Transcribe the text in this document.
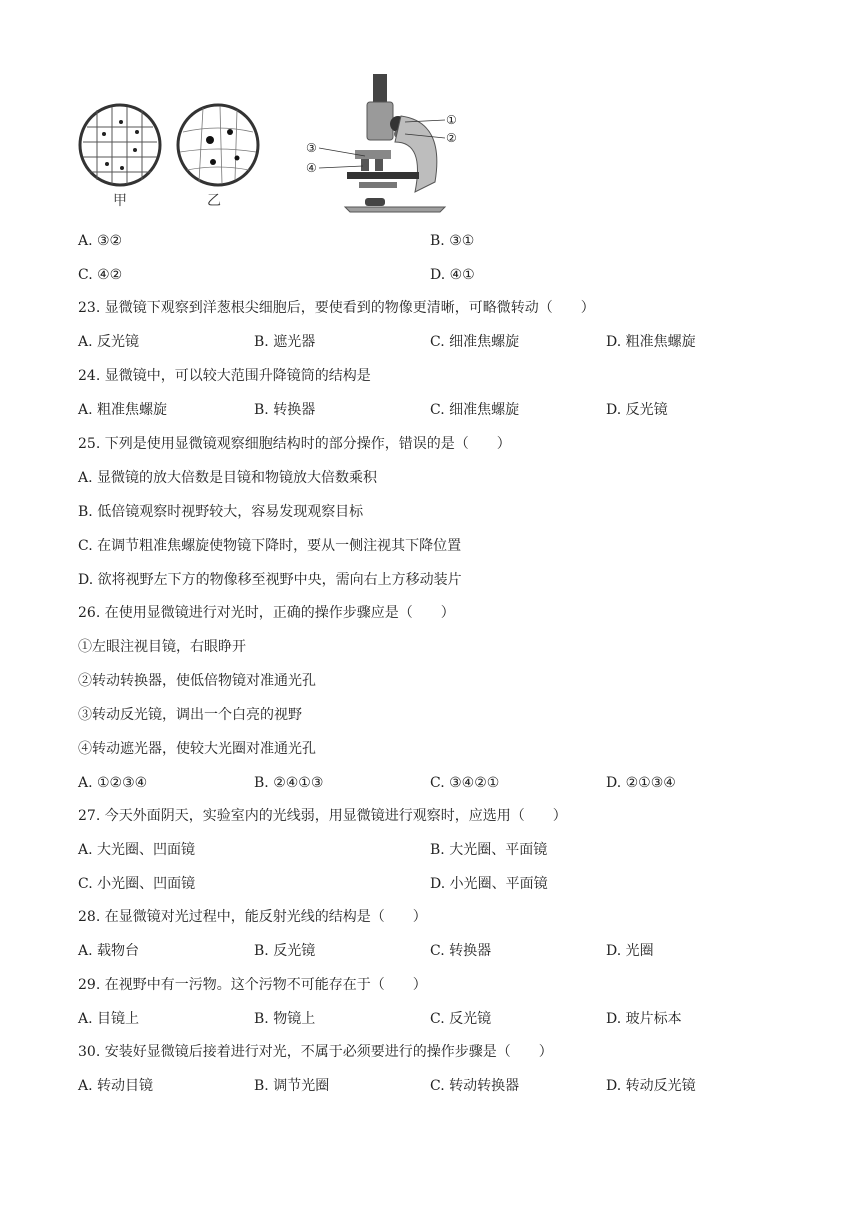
甲	乙
①
②
③
④
A. ③②	B. ③①
C. ④②	D. ④①
23. 显微镜下观察到洋葱根尖细胞后，要使看到的物像更清晰，可略微转动（　　）
A. 反光镜	B. 遮光器	C. 细准焦螺旋	D. 粗准焦螺旋
24. 显微镜中，可以较大范围升降镜筒的结构是
A. 粗准焦螺旋	B. 转换器	C. 细准焦螺旋	D. 反光镜
25. 下列是使用显微镜观察细胞结构时的部分操作，错误的是（　　）
A. 显微镜的放大倍数是目镜和物镜放大倍数乘积
B. 低倍镜观察时视野较大，容易发现观察目标
C. 在调节粗准焦螺旋使物镜下降时，要从一侧注视其下降位置
D. 欲将视野左下方的物像移至视野中央，需向右上方移动装片
26. 在使用显微镜进行对光时，正确的操作步骤应是（　　）
①左眼注视目镜，右眼睁开
②转动转换器，使低倍物镜对准通光孔
③转动反光镜，调出一个白亮的视野
④转动遮光器，使较大光圈对准通光孔
A. ①②③④	B. ②④①③	C. ③④②①	D. ②①③④
27. 今天外面阴天，实验室内的光线弱，用显微镜进行观察时，应选用（　　）
A. 大光圈、凹面镜	B. 大光圈、平面镜
C. 小光圈、凹面镜	D. 小光圈、平面镜
28. 在显微镜对光过程中，能反射光线的结构是（　　）
A. 载物台	B. 反光镜	C. 转换器	D. 光圈
29. 在视野中有一污物。这个污物不可能存在于（　　）
A. 目镜上	B. 物镜上	C. 反光镜	D. 玻片标本
30. 安装好显微镜后接着进行对光，不属于必须要进行的操作步骤是（　　）
A. 转动目镜	B. 调节光圈	C. 转动转换器	D. 转动反光镜
